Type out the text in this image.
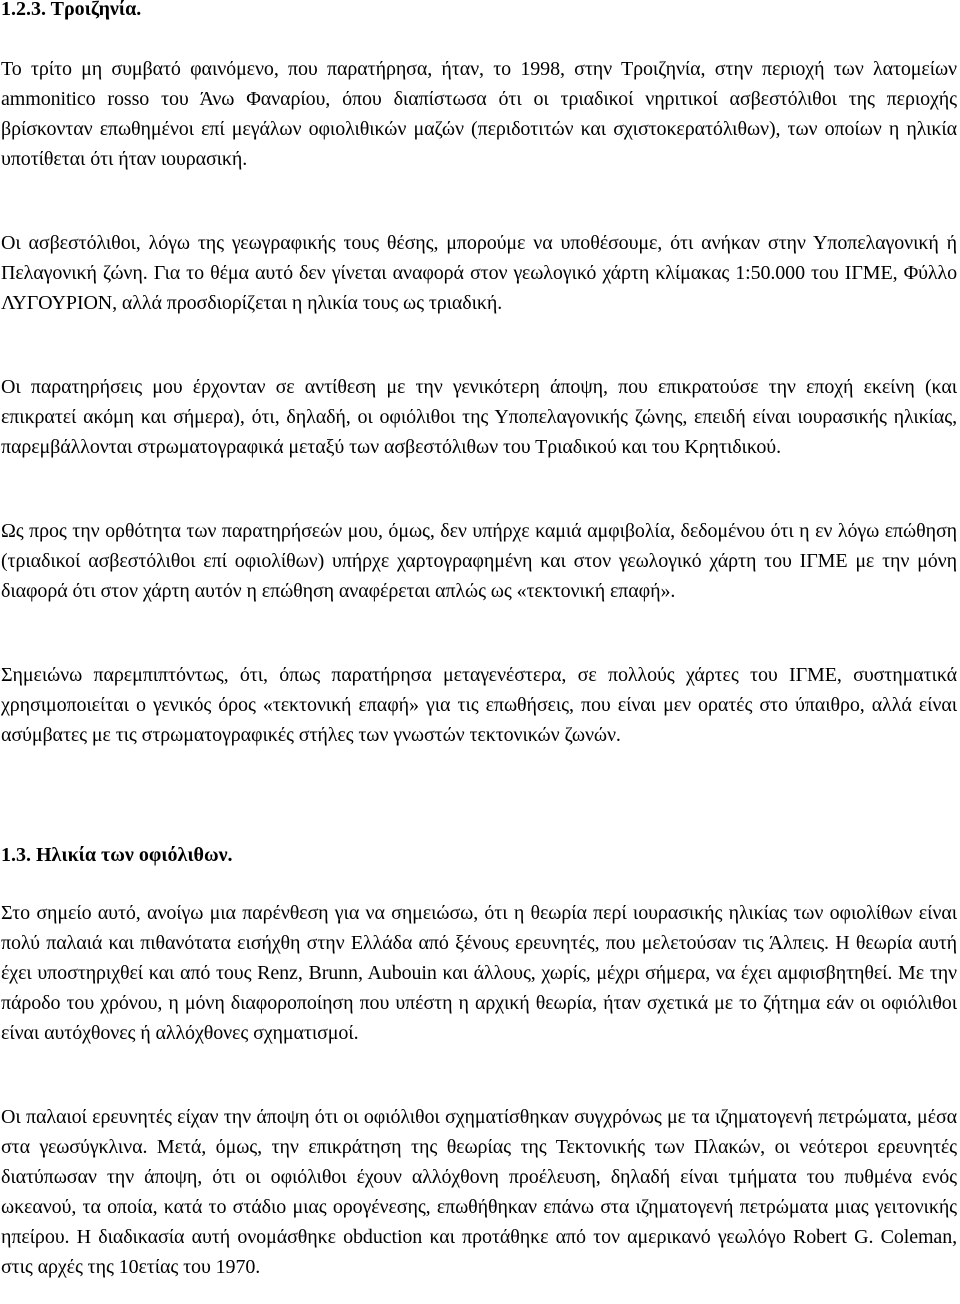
1.2.3. Τροιζηνία.

Το τρίτο μη συμβατό φαινόμενο, που παρατήρησα, ήταν, το 1998, στην Τροιζηνία, στην περιοχή των λατομείων ammonitico rosso του Άνω Φαναρίου, όπου διαπίστωσα ότι οι τριαδικοί νηριτικοί ασβεστόλιθοι της περιοχής βρίσκονταν επωθημένοι επί μεγάλων οφιολιθικών μαζών (περιδοτιτών και σχιστοκερατόλιθων), των οποίων η ηλικία υποτίθεται ότι ήταν ιουρασική.

Οι ασβεστόλιθοι, λόγω της γεωγραφικής τους θέσης, μπορούμε να υποθέσουμε, ότι ανήκαν στην Υποπελαγονική ή Πελαγονική ζώνη. Για το θέμα αυτό δεν γίνεται αναφορά στον γεωλογικό χάρτη κλίμακας 1:50.000 του ΙΓΜΕ, Φύλλο ΛΥΓΟΥΡΙΟΝ, αλλά προσδιορίζεται η ηλικία τους ως τριαδική.

Οι παρατηρήσεις μου έρχονταν σε αντίθεση με την γενικότερη άποψη, που επικρατούσε την εποχή εκείνη (και επικρατεί ακόμη και σήμερα), ότι, δηλαδή, οι οφιόλιθοι της Υποπελαγονικής ζώνης, επειδή είναι ιουρασικής ηλικίας, παρεμβάλλονται στρωματογραφικά μεταξύ των ασβεστόλιθων του Τριαδικού και του Κρητιδικού.

Ως προς την ορθότητα των παρατηρήσεών μου, όμως, δεν υπήρχε καμιά αμφιβολία, δεδομένου ότι η εν λόγω επώθηση (τριαδικοί ασβεστόλιθοι επί οφιολίθων) υπήρχε χαρτογραφημένη και στον γεωλογικό χάρτη του ΙΓΜΕ με την μόνη διαφορά ότι στον χάρτη αυτόν η επώθηση αναφέρεται απλώς ως «τεκτονική επαφή».

Σημειώνω παρεμπιπτόντως, ότι, όπως παρατήρησα μεταγενέστερα, σε πολλούς χάρτες του ΙΓΜΕ, συστηματικά χρησιμοποιείται ο γενικός όρος «τεκτονική επαφή» για τις επωθήσεις, που είναι μεν ορατές στο ύπαιθρο, αλλά είναι ασύμβατες με τις στρωματογραφικές στήλες των γνωστών τεκτονικών ζωνών.

1.3. Ηλικία των οφιόλιθων.

Στο σημείο αυτό, ανοίγω μια παρένθεση για να σημειώσω, ότι η θεωρία περί ιουρασικής ηλικίας των οφιολίθων είναι πολύ παλαιά και πιθανότατα εισήχθη στην Ελλάδα από ξένους ερευνητές, που μελετούσαν τις Άλπεις. Η θεωρία αυτή έχει υποστηριχθεί και από τους Renz, Brunn, Aubouin και άλλους, χωρίς, μέχρι σήμερα, να έχει αμφισβητηθεί. Με την πάροδο του χρόνου, η μόνη διαφοροποίηση που υπέστη η αρχική θεωρία, ήταν σχετικά με το ζήτημα εάν οι οφιόλιθοι είναι αυτόχθονες ή αλλόχθονες σχηματισμοί.

Οι παλαιοί ερευνητές είχαν την άποψη ότι οι οφιόλιθοι σχηματίσθηκαν συγχρόνως με τα ιζηματογενή πετρώματα, μέσα στα γεωσύγκλινα. Μετά, όμως, την επικράτηση της θεωρίας της Τεκτονικής των Πλακών, οι νεότεροι ερευνητές διατύπωσαν την άποψη, ότι οι οφιόλιθοι έχουν αλλόχθονη προέλευση, δηλαδή είναι τμήματα του πυθμένα ενός ωκεανού, τα οποία, κατά το στάδιο μιας ορογένεσης, επωθήθηκαν επάνω στα ιζηματογενή πετρώματα μιας γειτονικής ηπείρου. Η διαδικασία αυτή ονομάσθηκε obduction και προτάθηκε από τον αμερικανό γεωλόγο Robert G. Coleman, στις αρχές της 10ετίας του 1970.
